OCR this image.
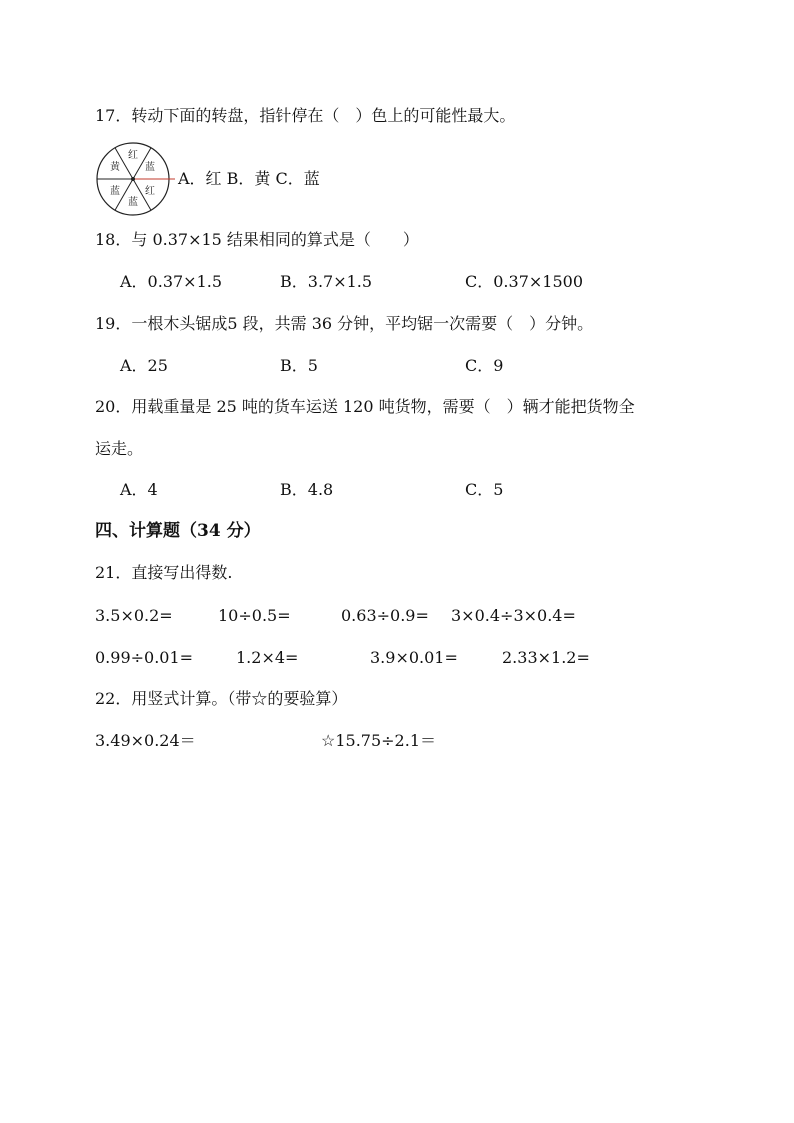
17．转动下面的转盘，指针停在（　）色上的可能性最大。
红
蓝
红
蓝
蓝
黄
A．红 B．黄 C．蓝
18．与 0.37×15 结果相同的算式是（　　）
A．0.37×1.5	B．3.7×1.5	C．0.37×1500
19．一根木头锯成5 段，共需 36 分钟，平均锯一次需要（　）分钟。
A．25	B．5	C．9
20．用载重量是 25 吨的货车运送 120 吨货物，需要（　）辆才能把货物全
运走。
A．4	B．4.8	C．5
四、计算题（34 分）
21．直接写出得数.
3.5×0.2=	10÷0.5=	0.63÷0.9= 3×0.4÷3×0.4=
0.99÷0.01=	1.2×4=	3.9×0.01=	2.33×1.2=
22．用竖式计算。（带☆的要验算）
3.49×0.24＝	☆15.75÷2.1＝
